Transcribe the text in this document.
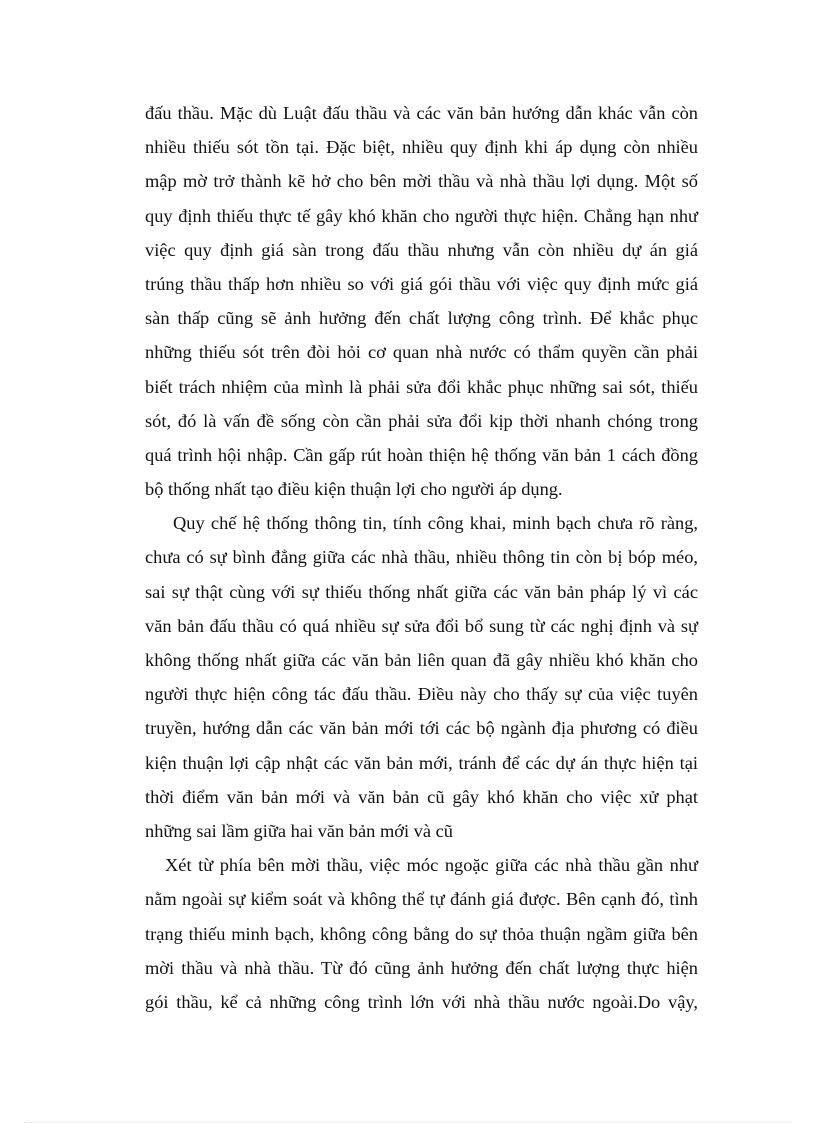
đấu thầu. Mặc dù Luật đấu thầu và các văn bản hướng dẫn khác vẫn còn
nhiều thiếu sót tồn tại. Đặc biệt, nhiều quy định khi áp dụng còn nhiều
mập mờ trở thành kẽ hở cho bên mời thầu và nhà thầu lợi dụng. Một số
quy định thiếu thực tế gây khó khăn cho người thực hiện. Chẳng hạn như
việc quy định giá sàn trong đấu thầu nhưng vẫn còn nhiều dự án giá
trúng thầu thấp hơn nhiều so với giá gói thầu với việc quy định mức giá
sàn thấp cũng sẽ ảnh hưởng đến chất lượng công trình. Để khắc phục
những thiếu sót trên đòi hỏi cơ quan nhà nước có thẩm quyền cần phải
biết trách nhiệm của mình là phải sửa đổi khắc phục những sai sót, thiếu
sót, đó là vấn đề sống còn cần phải sửa đổi kịp thời nhanh chóng trong
quá trình hội nhập. Cần gấp rút hoàn thiện hệ thống văn bản 1 cách đồng
bộ thống nhất tạo điều kiện thuận lợi cho người áp dụng.
Quy chế hệ thống thông tin, tính công khai, minh bạch chưa rõ ràng,
chưa có sự bình đẳng giữa các nhà thầu, nhiều thông tin còn bị bóp méo,
sai sự thật cùng với sự thiếu thống nhất giữa các văn bản pháp lý vì các
văn bản đấu thầu có quá nhiều sự sửa đổi bổ sung từ các nghị định và sự
không thống nhất giữa các văn bản liên quan đã gây nhiều khó khăn cho
người thực hiện công tác đấu thầu. Điều này cho thấy sự của việc tuyên
truyền, hướng dẫn các văn bản mới tới các bộ ngành địa phương có điều
kiện thuận lợi cập nhật các văn bản mới, tránh để các dự án thực hiện tại
thời điểm văn bản mới và văn bản cũ gây khó khăn cho việc xử phạt
những sai lầm giữa hai văn bản mới và cũ
Xét từ phía bên mời thầu, việc móc ngoặc giữa các nhà thầu gần như
nằm ngoài sự kiểm soát và không thể tự đánh giá được. Bên cạnh đó, tình
trạng thiếu minh bạch, không công bằng do sự thỏa thuận ngầm giữa bên
mời thầu và nhà thầu. Từ đó cũng ảnh hưởng đến chất lượng thực hiện
gói thầu, kể cả những công trình lớn với nhà thầu nước ngoài.Do vậy,
